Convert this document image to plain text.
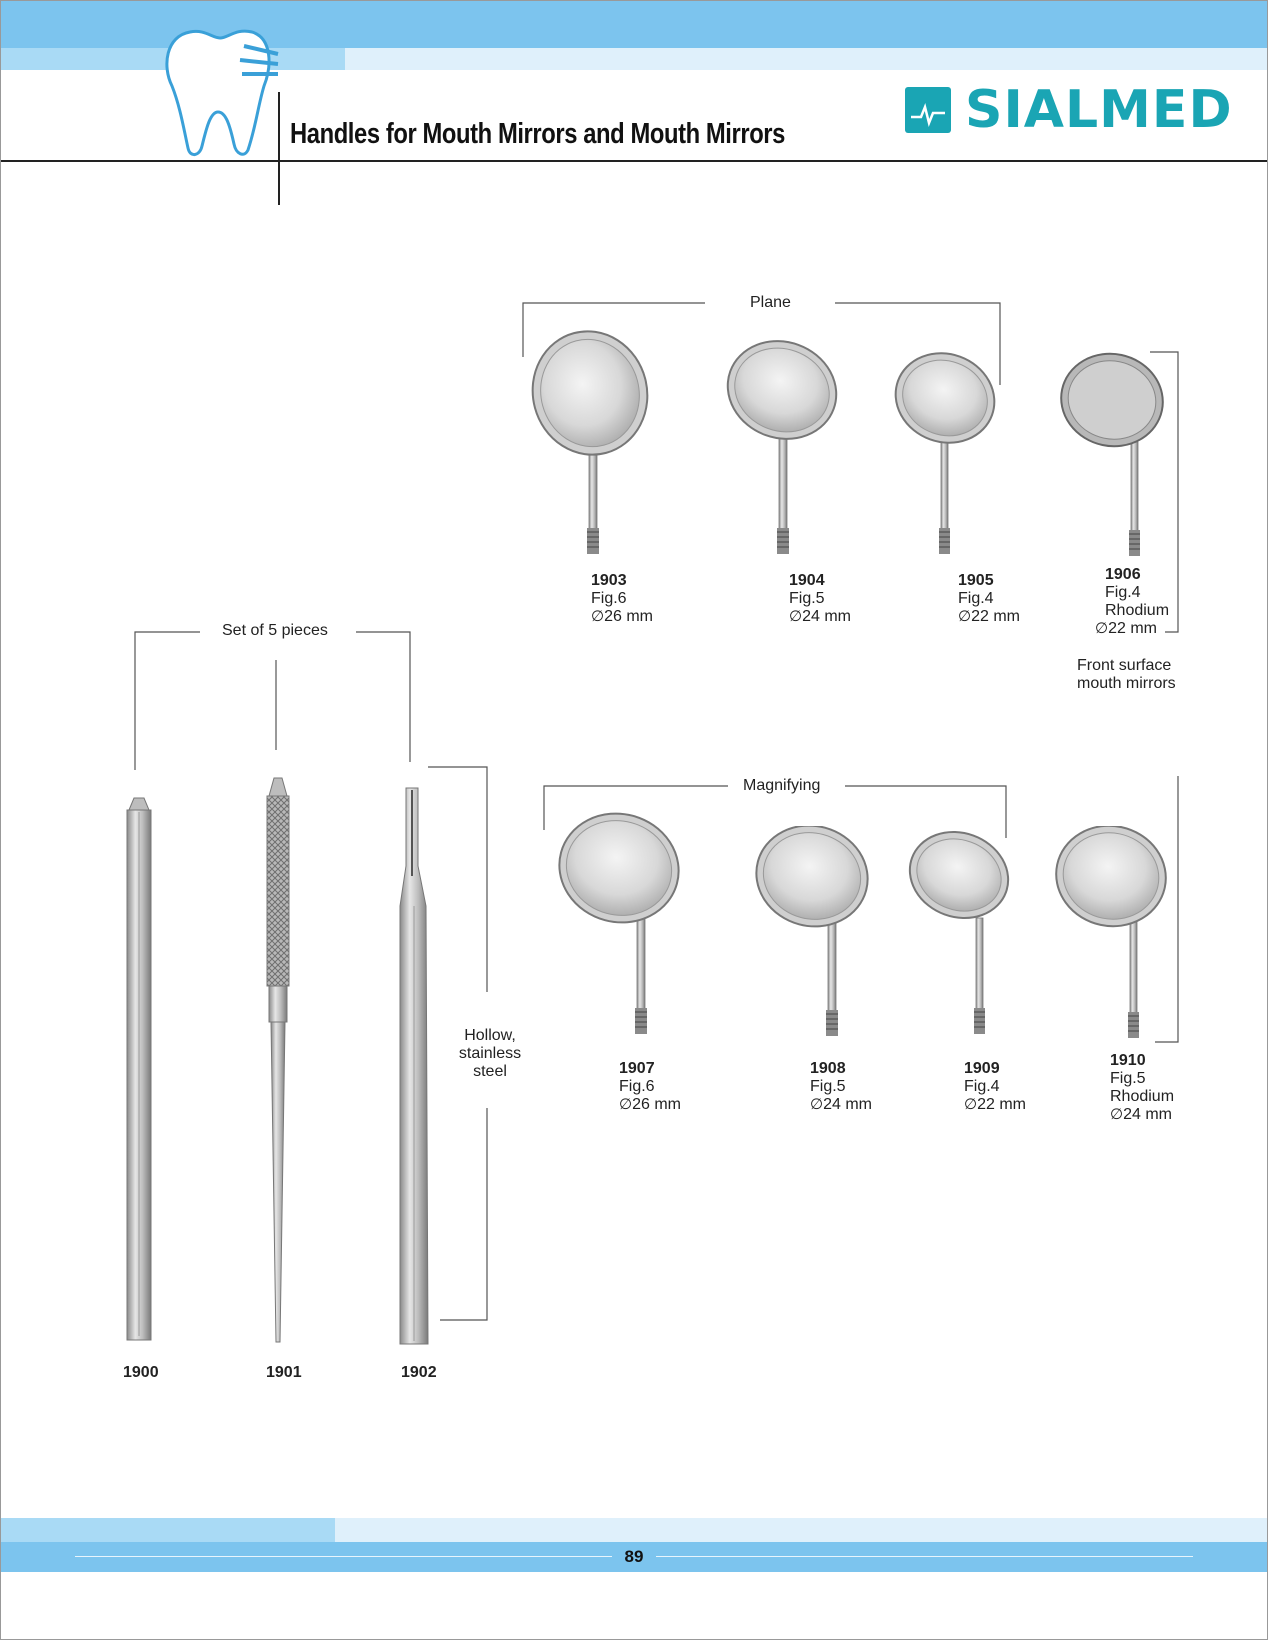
Handles for Mouth Mirrors and Mouth Mirrors	SIALMED
Plane
1903
Fig.6
∅26 mm
1904
Fig.5
∅24 mm
1905
Fig.4
∅22 mm
1906
Fig.4
Rhodium
∅22 mm
Front surface
mouth mirrors
Magnifying
1907
Fig.6
∅26 mm
1908
Fig.5
∅24 mm
1909
Fig.4
∅22 mm
1910
Fig.5
Rhodium
∅24 mm
Set of 5 pieces
1900	1901	1902
Hollow,
stainless
steel
89
